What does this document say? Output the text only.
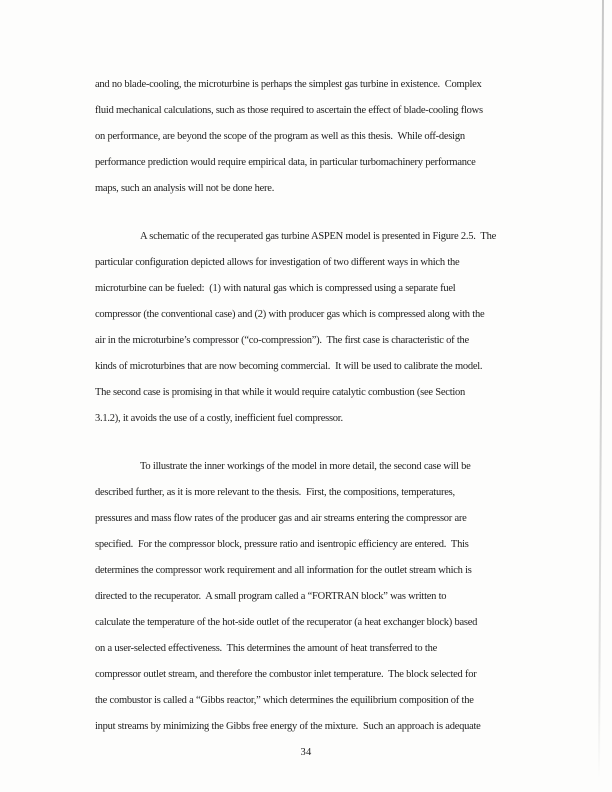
and no blade-cooling, the microturbine is perhaps the simplest gas turbine in existence.  Complex
fluid mechanical calculations, such as those required to ascertain the effect of blade-cooling flows
on performance, are beyond the scope of the program as well as this thesis.  While off-design
performance prediction would require empirical data, in particular turbomachinery performance
maps, such an analysis will not be done here.
A schematic of the recuperated gas turbine ASPEN model is presented in Figure 2.5.  The
particular configuration depicted allows for investigation of two different ways in which the
microturbine can be fueled:  (1) with natural gas which is compressed using a separate fuel
compressor (the conventional case) and (2) with producer gas which is compressed along with the
air in the microturbine’s compressor (“co-compression”).  The first case is characteristic of the
kinds of microturbines that are now becoming commercial.  It will be used to calibrate the model.
The second case is promising in that while it would require catalytic combustion (see Section
3.1.2), it avoids the use of a costly, inefficient fuel compressor.
To illustrate the inner workings of the model in more detail, the second case will be
described further, as it is more relevant to the thesis.  First, the compositions, temperatures,
pressures and mass flow rates of the producer gas and air streams entering the compressor are
specified.  For the compressor block, pressure ratio and isentropic efficiency are entered.  This
determines the compressor work requirement and all information for the outlet stream which is
directed to the recuperator.  A small program called a “FORTRAN block” was written to
calculate the temperature of the hot-side outlet of the recuperator (a heat exchanger block) based
on a user-selected effectiveness.  This determines the amount of heat transferred to the
compressor outlet stream, and therefore the combustor inlet temperature.  The block selected for
the combustor is called a “Gibbs reactor,” which determines the equilibrium composition of the
input streams by minimizing the Gibbs free energy of the mixture.  Such an approach is adequate
34
